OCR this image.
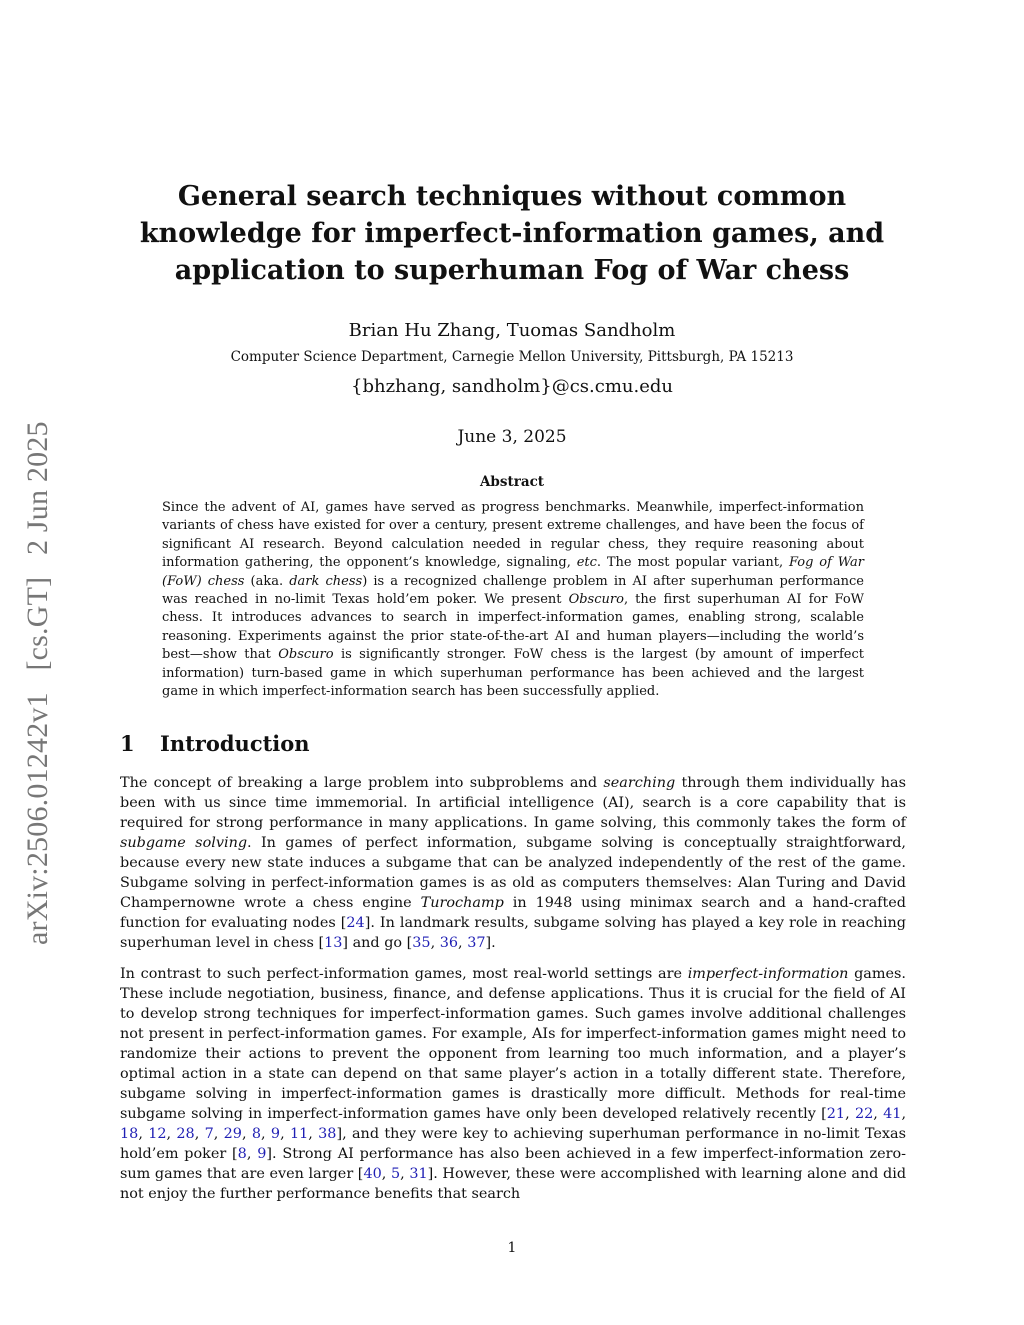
arXiv:2506.01242v1 [cs.GT] 2 Jun 2025
General search techniques without common knowledge for imperfect-information games, and application to superhuman Fog of War chess

Brian Hu Zhang, Tuomas Sandholm

Computer Science Department, Carnegie Mellon University, Pittsburgh, PA 15213

{bhzhang, sandholm}@cs.cmu.edu

June 3, 2025

Abstract

Since the advent of AI, games have served as progress benchmarks. Meanwhile, imperfect-information variants of chess have existed for over a century, present extreme challenges, and have been the focus of significant AI research. Beyond calculation needed in regular chess, they require reasoning about information gathering, the opponent’s knowledge, signaling, etc. The most popular variant, Fog of War (FoW) chess (aka. dark chess) is a recognized challenge problem in AI after superhuman performance was reached in no-limit Texas hold’em poker. We present Obscuro, the first superhuman AI for FoW chess. It introduces advances to search in imperfect-information games, enabling strong, scalable reasoning. Experiments against the prior state-of-the-art AI and human players—including the world’s best—show that Obscuro is significantly stronger. FoW chess is the largest (by amount of imperfect information) turn-based game in which superhuman performance has been achieved and the largest game in which imperfect-information search has been successfully applied.

1 Introduction

The concept of breaking a large problem into subproblems and searching through them individually has been with us since time immemorial. In artificial intelligence (AI), search is a core capability that is required for strong performance in many applications. In game solving, this commonly takes the form of subgame solving. In games of perfect information, subgame solving is conceptually straightforward, because every new state induces a subgame that can be analyzed independently of the rest of the game. Subgame solving in perfect-information games is as old as computers themselves: Alan Turing and David Champernowne wrote a chess engine Turochamp in 1948 using minimax search and a hand-crafted function for evaluating nodes [24]. In landmark results, subgame solving has played a key role in reaching superhuman level in chess [13] and go [35, 36, 37].

In contrast to such perfect-information games, most real-world settings are imperfect-information games. These include negotiation, business, finance, and defense applications. Thus it is crucial for the field of AI to develop strong techniques for imperfect-information games. Such games involve additional challenges not present in perfect-information games. For example, AIs for imperfect-information games might need to randomize their actions to prevent the opponent from learning too much information, and a player’s optimal action in a state can depend on that same player’s action in a totally different state. Therefore, subgame solving in imperfect-information games is drastically more difficult. Methods for real-time subgame solving in imperfect-information games have only been developed relatively recently [21, 22, 41, 18, 12, 28, 7, 29, 8, 9, 11, 38], and they were key to achieving superhuman performance in no-limit Texas hold’em poker [8, 9]. Strong AI performance has also been achieved in a few imperfect-information zero-sum games that are even larger [40, 5, 31]. However, these were accomplished with learning alone and did not enjoy the further performance benefits that search

1
